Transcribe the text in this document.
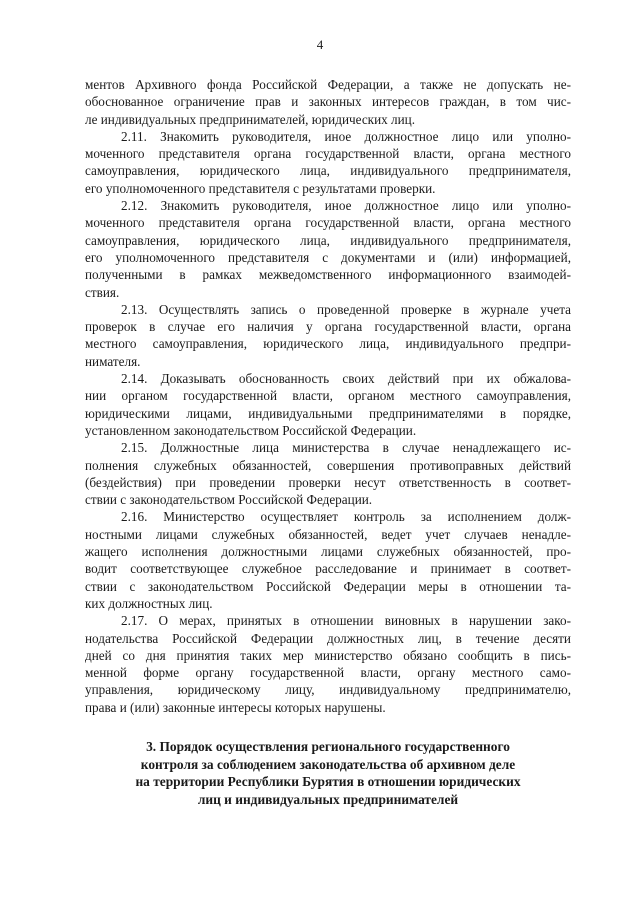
4

ментов Архивного фонда Российской Федерации, а также не допускать не-
обоснованное ограничение прав и законных интересов граждан, в том чис-
ле индивидуальных предпринимателей, юридических лиц.

2.11. Знакомить руководителя, иное должностное лицо или уполно-
моченного представителя органа государственной власти, органа местного
самоуправления, юридического лица, индивидуального предпринимателя,
его уполномоченного представителя с результатами проверки.

2.12. Знакомить руководителя, иное должностное лицо или уполно-
моченного представителя органа государственной власти, органа местного
самоуправления, юридического лица, индивидуального предпринимателя,
его уполномоченного представителя с документами и (или) информацией,
полученными в рамках межведомственного информационного взаимодей-
ствия.

2.13. Осуществлять запись о проведенной проверке в журнале учета
проверок в случае его наличия у органа государственной власти, органа
местного самоуправления, юридического лица, индивидуального предпри-
нимателя.

2.14. Доказывать обоснованность своих действий при их обжалова-
нии органом государственной власти, органом местного самоуправления,
юридическими лицами, индивидуальными предпринимателями в порядке,
установленном законодательством Российской Федерации.

2.15. Должностные лица министерства в случае ненадлежащего ис-
полнения служебных обязанностей, совершения противоправных действий
(бездействия) при проведении проверки несут ответственность в соответ-
ствии с законодательством Российской Федерации.

2.16. Министерство осуществляет контроль за исполнением долж-
ностными лицами служебных обязанностей, ведет учет случаев ненадле-
жащего исполнения должностными лицами служебных обязанностей, про-
водит соответствующее служебное расследование и принимает в соответ-
ствии с законодательством Российской Федерации меры в отношении та-
ких должностных лиц.

2.17. О мерах, принятых в отношении виновных в нарушении зако-
нодательства Российской Федерации должностных лиц, в течение десяти
дней со дня принятия таких мер министерство обязано сообщить в пись-
менной форме органу государственной власти, органу местного само-
управления, юридическому лицу, индивидуальному предпринимателю,
права и (или) законные интересы которых нарушены.

3. Порядок осуществления регионального государственного
контроля за соблюдением законодательства об архивном деле
на территории Республики Бурятия в отношении юридических
лиц и индивидуальных предпринимателей
